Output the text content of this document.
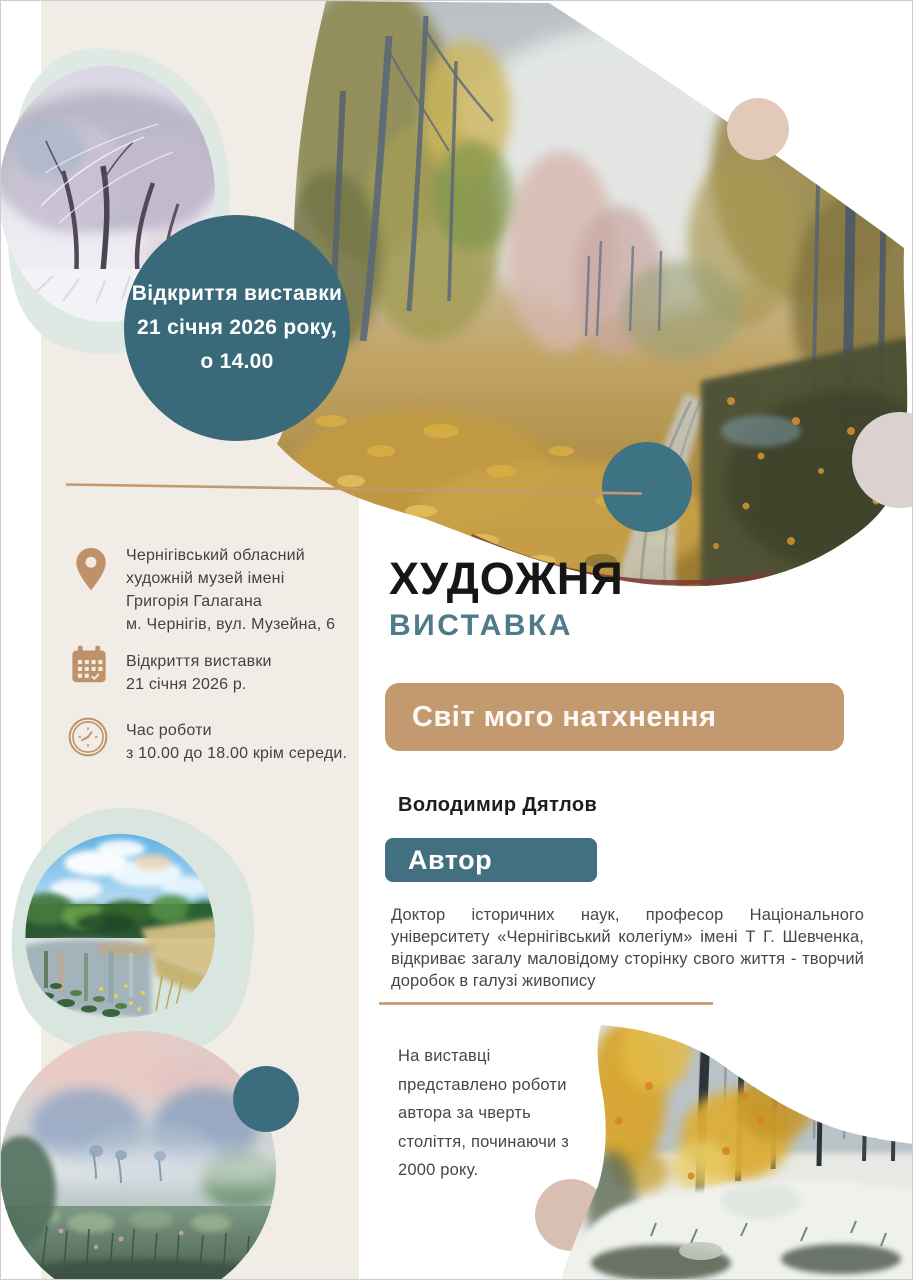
Відкриття виставки
21 січня 2026 року,
о 14.00
Чернігівський обласний
художній музей імені
Григорія Галагана
м. Чернігів, вул. Музейна, 6
Відкриття виставки
21 січня 2026 р.
Час роботи
з 10.00 до 18.00 крім середи.
ХУДОЖНЯ
ВИСТАВКА
Світ мого натхнення
Володимир Дятлов
Автор
Доктор історичних наук, професор Національного університету «Чернігівський колегіум» імені Т Г. Шевченка, відкриває загалу маловідому сторінку свого життя - творчий доробок в галузі живопису
На виставці
представлено роботи
автора за чверть
століття, починаючи з
2000 року.
